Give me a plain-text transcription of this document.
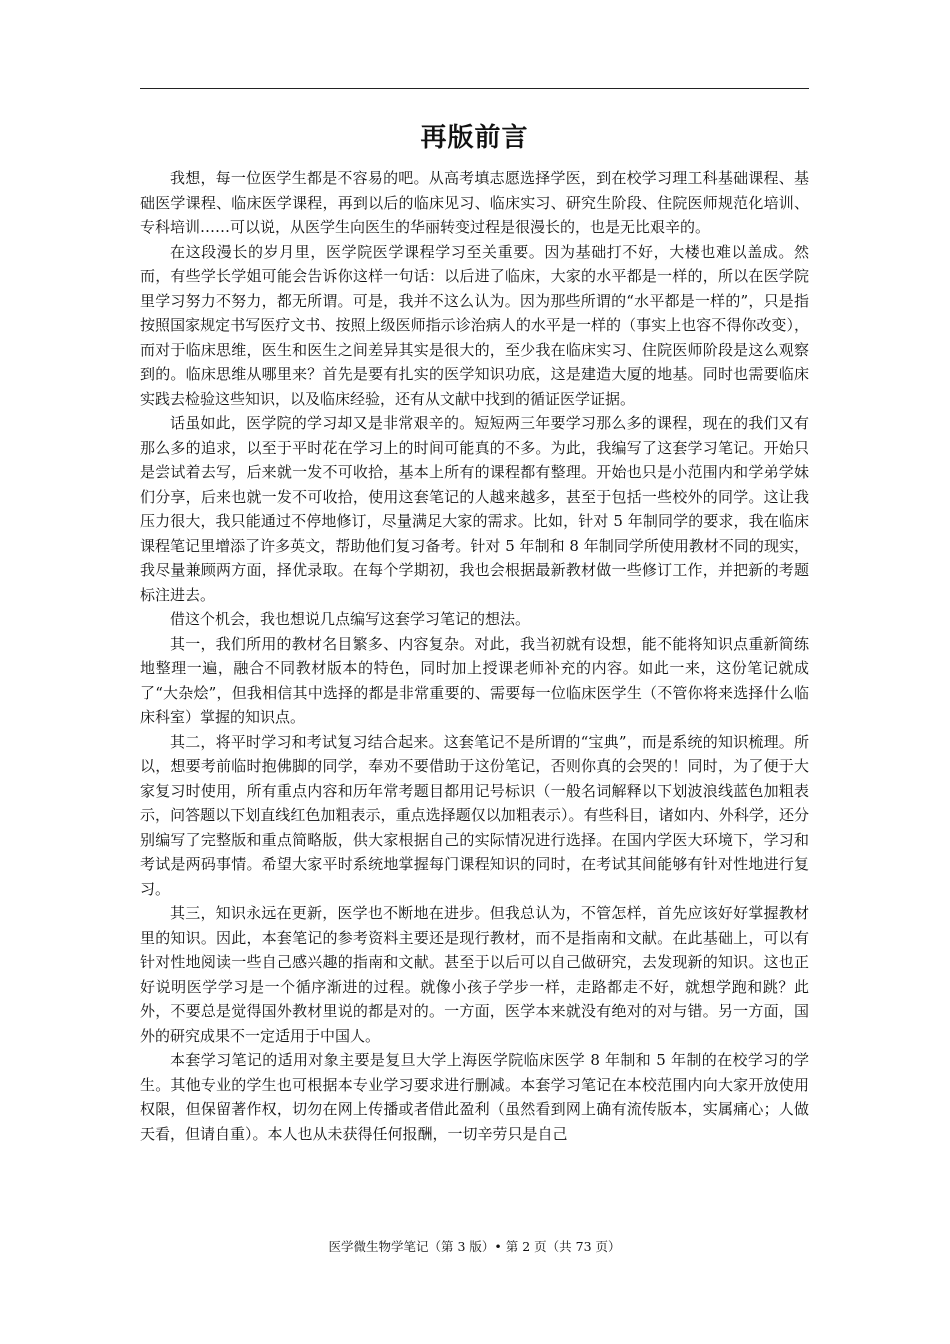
再版前言

我想，每一位医学生都是不容易的吧。从高考填志愿选择学医，到在校学习理工科基础课程、基础医学课程、临床医学课程，再到以后的临床见习、临床实习、研究生阶段、住院医师规范化培训、专科培训……可以说，从医学生向医生的华丽转变过程是很漫长的，也是无比艰辛的。

在这段漫长的岁月里，医学院医学课程学习至关重要。因为基础打不好，大楼也难以盖成。然而，有些学长学姐可能会告诉你这样一句话：以后进了临床，大家的水平都是一样的，所以在医学院里学习努力不努力，都无所谓。可是，我并不这么认为。因为那些所谓的“水平都是一样的”，只是指按照国家规定书写医疗文书、按照上级医师指示诊治病人的水平是一样的（事实上也容不得你改变），而对于临床思维，医生和医生之间差异其实是很大的，至少我在临床实习、住院医师阶段是这么观察到的。临床思维从哪里来？首先是要有扎实的医学知识功底，这是建造大厦的地基。同时也需要临床实践去检验这些知识，以及临床经验，还有从文献中找到的循证医学证据。

话虽如此，医学院的学习却又是非常艰辛的。短短两三年要学习那么多的课程，现在的我们又有那么多的追求，以至于平时花在学习上的时间可能真的不多。为此，我编写了这套学习笔记。开始只是尝试着去写，后来就一发不可收拾，基本上所有的课程都有整理。开始也只是小范围内和学弟学妹们分享，后来也就一发不可收拾，使用这套笔记的人越来越多，甚至于包括一些校外的同学。这让我压力很大，我只能通过不停地修订，尽量满足大家的需求。比如，针对 5 年制同学的要求，我在临床课程笔记里增添了许多英文，帮助他们复习备考。针对 5 年制和 8 年制同学所使用教材不同的现实，我尽量兼顾两方面，择优录取。在每个学期初，我也会根据最新教材做一些修订工作，并把新的考题标注进去。

借这个机会，我也想说几点编写这套学习笔记的想法。

其一，我们所用的教材名目繁多、内容复杂。对此，我当初就有设想，能不能将知识点重新简练地整理一遍，融合不同教材版本的特色，同时加上授课老师补充的内容。如此一来，这份笔记就成了“大杂烩”，但我相信其中选择的都是非常重要的、需要每一位临床医学生（不管你将来选择什么临床科室）掌握的知识点。

其二，将平时学习和考试复习结合起来。这套笔记不是所谓的“宝典”，而是系统的知识梳理。所以，想要考前临时抱佛脚的同学，奉劝不要借助于这份笔记，否则你真的会哭的！同时，为了便于大家复习时使用，所有重点内容和历年常考题目都用记号标识（一般名词解释以下划波浪线蓝色加粗表示，问答题以下划直线红色加粗表示，重点选择题仅以加粗表示）。有些科目，诸如内、外科学，还分别编写了完整版和重点简略版，供大家根据自己的实际情况进行选择。在国内学医大环境下，学习和考试是两码事情。希望大家平时系统地掌握每门课程知识的同时，在考试其间能够有针对性地进行复习。

其三，知识永远在更新，医学也不断地在进步。但我总认为，不管怎样，首先应该好好掌握教材里的知识。因此，本套笔记的参考资料主要还是现行教材，而不是指南和文献。在此基础上，可以有针对性地阅读一些自己感兴趣的指南和文献。甚至于以后可以自己做研究，去发现新的知识。这也正好说明医学学习是一个循序渐进的过程。就像小孩子学步一样，走路都走不好，就想学跑和跳？此外，不要总是觉得国外教材里说的都是对的。一方面，医学本来就没有绝对的对与错。另一方面，国外的研究成果不一定适用于中国人。

本套学习笔记的适用对象主要是复旦大学上海医学院临床医学 8 年制和 5 年制的在校学习的学生。其他专业的学生也可根据本专业学习要求进行删减。本套学习笔记在本校范围内向大家开放使用权限，但保留著作权，切勿在网上传播或者借此盈利（虽然看到网上确有流传版本，实属痛心；人做天看，但请自重）。本人也从未获得任何报酬，一切辛劳只是自己

医学微生物学笔记（第 3 版）• 第 2 页（共 73 页）
